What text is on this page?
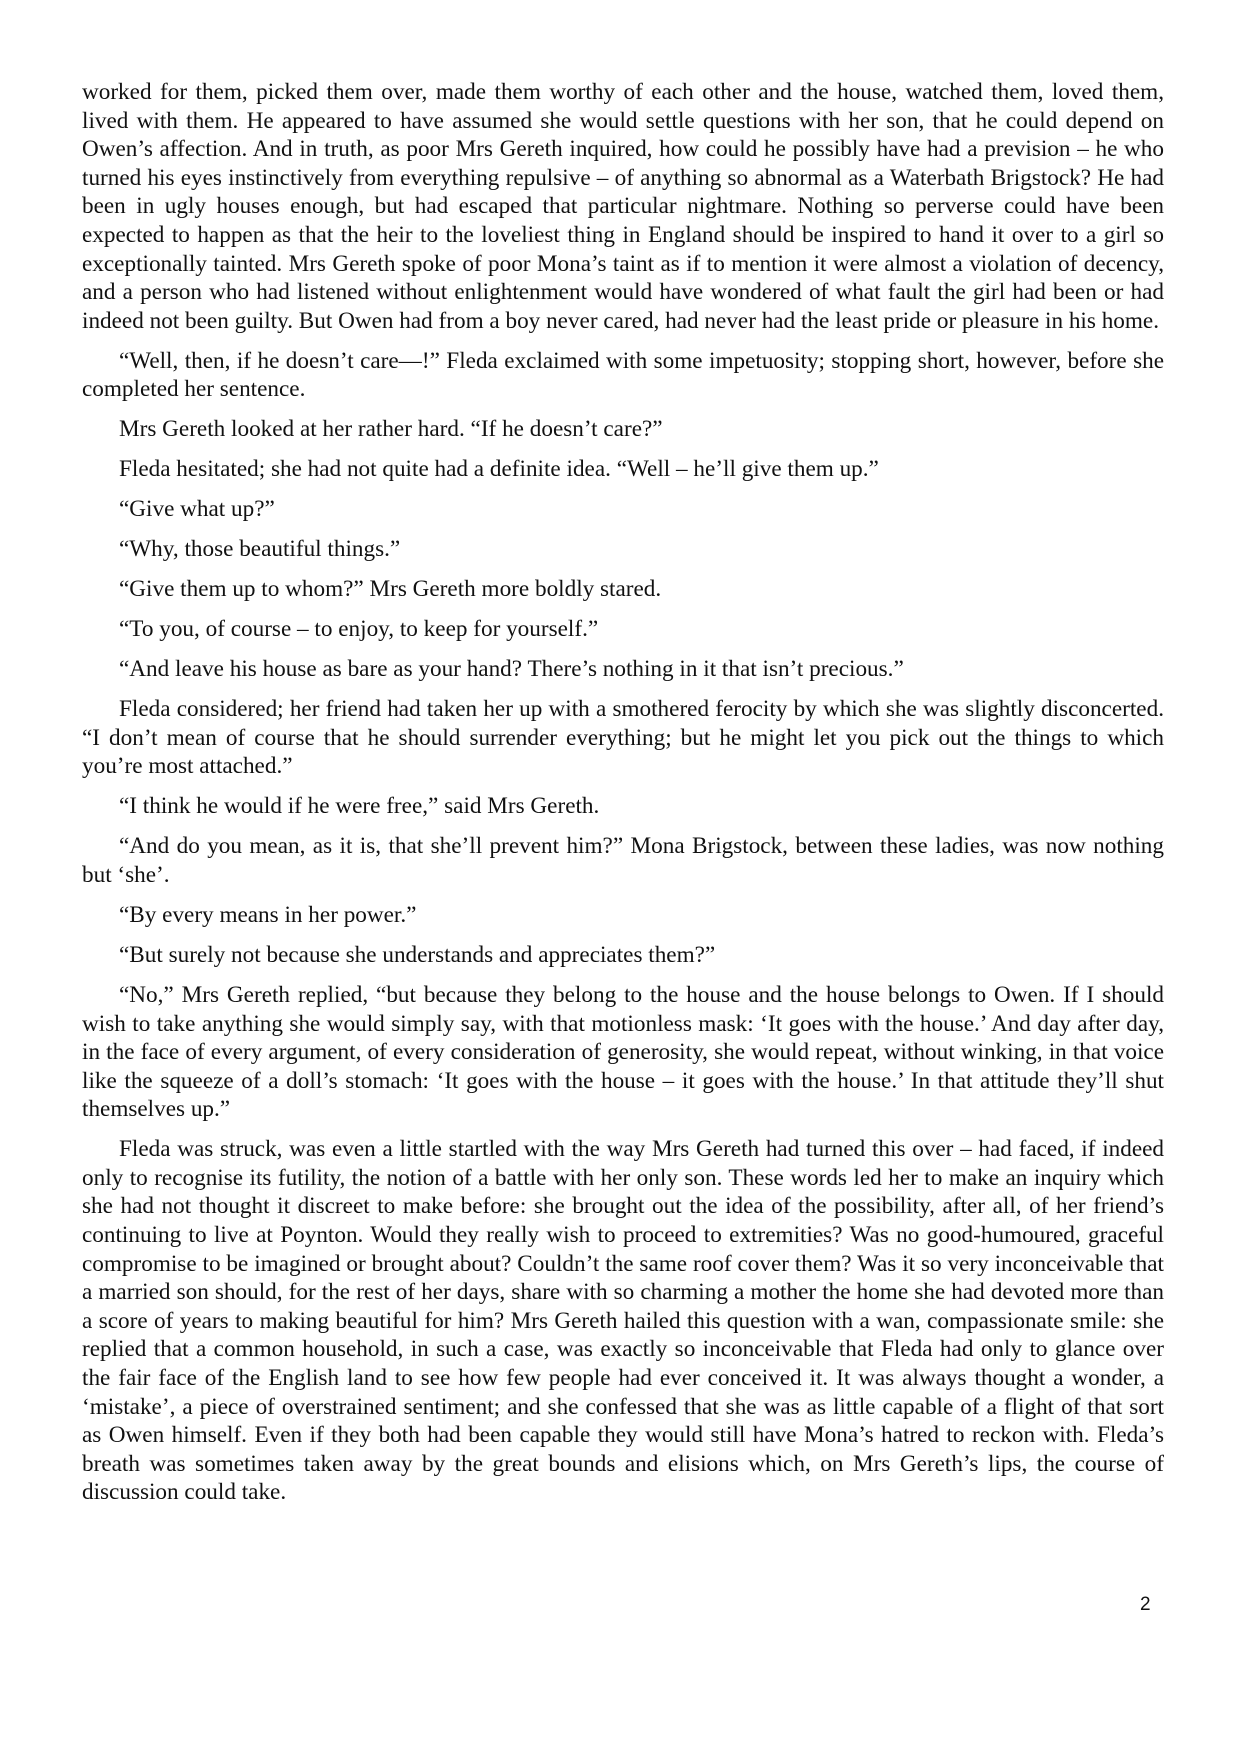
worked for them, picked them over, made them worthy of each other and the house, watched them, loved them, lived with them. He appeared to have assumed she would settle questions with her son, that he could depend on Owen’s affection. And in truth, as poor Mrs Gereth inquired, how could he possibly have had a prevision – he who turned his eyes instinctively from everything repulsive – of anything so abnormal as a Waterbath Brigstock? He had been in ugly houses enough, but had escaped that particular nightmare. Nothing so perverse could have been expected to happen as that the heir to the loveliest thing in England should be inspired to hand it over to a girl so exceptionally tainted. Mrs Gereth spoke of poor Mona’s taint as if to mention it were almost a violation of decency, and a person who had listened without enlightenment would have wondered of what fault the girl had been or had indeed not been guilty. But Owen had from a boy never cared, had never had the least pride or pleasure in his home.

“Well, then, if he doesn’t care—!” Fleda exclaimed with some impetuosity; stopping short, however, before she completed her sentence.

Mrs Gereth looked at her rather hard. “If he doesn’t care?”

Fleda hesitated; she had not quite had a definite idea. “Well – he’ll give them up.”

“Give what up?”

“Why, those beautiful things.”

“Give them up to whom?” Mrs Gereth more boldly stared.

“To you, of course – to enjoy, to keep for yourself.”

“And leave his house as bare as your hand? There’s nothing in it that isn’t precious.”

Fleda considered; her friend had taken her up with a smothered ferocity by which she was slightly disconcerted. “I don’t mean of course that he should surrender everything; but he might let you pick out the things to which you’re most attached.”

“I think he would if he were free,” said Mrs Gereth.

“And do you mean, as it is, that she’ll prevent him?” Mona Brigstock, between these ladies, was now nothing but ‘she’.

“By every means in her power.”

“But surely not because she understands and appreciates them?”

“No,” Mrs Gereth replied, “but because they belong to the house and the house belongs to Owen. If I should wish to take anything she would simply say, with that motionless mask: ‘It goes with the house.’ And day after day, in the face of every argument, of every consideration of generosity, she would repeat, without winking, in that voice like the squeeze of a doll’s stomach: ‘It goes with the house – it goes with the house.’ In that attitude they’ll shut themselves up.”

Fleda was struck, was even a little startled with the way Mrs Gereth had turned this over – had faced, if indeed only to recognise its futility, the notion of a battle with her only son. These words led her to make an inquiry which she had not thought it discreet to make before: she brought out the idea of the possibility, after all, of her friend’s continuing to live at Poynton. Would they really wish to proceed to extremities? Was no good-humoured, graceful compromise to be imagined or brought about? Couldn’t the same roof cover them? Was it so very inconceivable that a married son should, for the rest of her days, share with so charming a mother the home she had devoted more than a score of years to making beautiful for him? Mrs Gereth hailed this question with a wan, compassionate smile: she replied that a common household, in such a case, was exactly so inconceivable that Fleda had only to glance over the fair face of the English land to see how few people had ever conceived it. It was always thought a wonder, a ‘mistake’, a piece of overstrained sentiment; and she confessed that she was as little capable of a flight of that sort as Owen himself. Even if they both had been capable they would still have Mona’s hatred to reckon with. Fleda’s breath was sometimes taken away by the great bounds and elisions which, on Mrs Gereth’s lips, the course of discussion could take.

2
